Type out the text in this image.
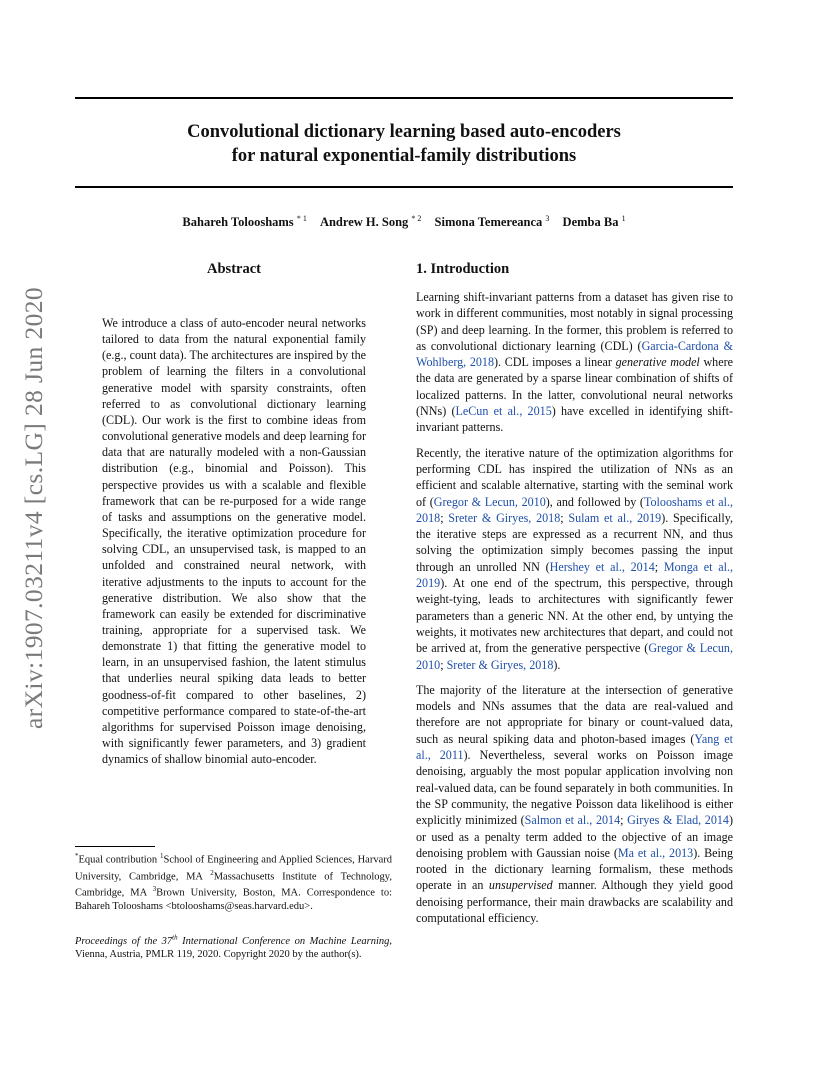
Convolutional dictionary learning based auto-encoders
for natural exponential-family distributions

Bahareh Tolooshams $^{* 1}$ Andrew H. Song $^{* 2}$ Simona Temereanca $^3$ Demba Ba $^1$

arXiv:1907.03211v4 [cs.LG] 28 Jun 2020
Abstract

We introduce a class of auto-encoder neural networks tailored to data from the natural exponential family (e.g., count data). The architectures are inspired by the problem of learning the filters in a convolutional generative model with sparsity constraints, often referred to as convolutional dictionary learning (CDL). Our work is the first to combine ideas from convolutional generative models and deep learning for data that are naturally modeled with a non-Gaussian distribution (e.g., binomial and Poisson). This perspective provides us with a scalable and flexible framework that can be re-purposed for a wide range of tasks and assumptions on the generative model. Specifically, the iterative optimization procedure for solving CDL, an unsupervised task, is mapped to an unfolded and constrained neural network, with iterative adjustments to the inputs to account for the generative distribution. We also show that the framework can easily be extended for discriminative training, appropriate for a supervised task. We demonstrate 1) that fitting the generative model to learn, in an unsupervised fashion, the latent stimulus that underlies neural spiking data leads to better goodness-of-fit compared to other baselines, 2) competitive performance compared to state-of-the-art algorithms for supervised Poisson image denoising, with significantly fewer parameters, and 3) gradient dynamics of shallow binomial auto-encoder.

1. Introduction

Learning shift-invariant patterns from a dataset has given rise to work in different communities, most notably in signal processing (SP) and deep learning. In the former, this problem is referred to as convolutional dictionary learning (CDL) (Garcia-Cardona & Wohlberg, 2018). CDL imposes a linear generative model where the data are generated by a sparse linear combination of shifts of localized patterns. In the latter, convolutional neural networks (NNs) (LeCun et al., 2015) have excelled in identifying shift-invariant patterns.

Recently, the iterative nature of the optimization algorithms for performing CDL has inspired the utilization of NNs as an efficient and scalable alternative, starting with the seminal work of (Gregor & Lecun, 2010), and followed by (Tolooshams et al., 2018; Sreter & Giryes, 2018; Sulam et al., 2019). Specifically, the iterative steps are expressed as a recurrent NN, and thus solving the optimization simply becomes passing the input through an unrolled NN (Hershey et al., 2014; Monga et al., 2019). At one end of the spectrum, this perspective, through weight-tying, leads to architectures with significantly fewer parameters than a generic NN. At the other end, by untying the weights, it motivates new architectures that depart, and could not be arrived at, from the generative perspective (Gregor & Lecun, 2010; Sreter & Giryes, 2018).

The majority of the literature at the intersection of generative models and NNs assumes that the data are real-valued and therefore are not appropriate for binary or count-valued data, such as neural spiking data and photon-based images (Yang et al., 2011). Nevertheless, several works on Poisson image denoising, arguably the most popular application involving non real-valued data, can be found separately in both communities. In the SP community, the negative Poisson data likelihood is either explicitly minimized (Salmon et al., 2014; Giryes & Elad, 2014) or used as a penalty term added to the objective of an image denoising problem with Gaussian noise (Ma et al., 2013). Being rooted in the dictionary learning formalism, these methods operate in an unsupervised manner. Although they yield good denoising performance, their main drawbacks are scalability and computational efficiency.

*Equal contribution $^1$School of Engineering and Applied Sciences, Harvard University, Cambridge, MA $^2$Massachusetts Institute of Technology, Cambridge, MA $^3$Brown University, Boston, MA. Correspondence to: Bahareh Tolooshams <btolooshams@seas.harvard.edu>.

Proceedings of the 37th International Conference on Machine Learning, Vienna, Austria, PMLR 119, 2020. Copyright 2020 by the author(s).
